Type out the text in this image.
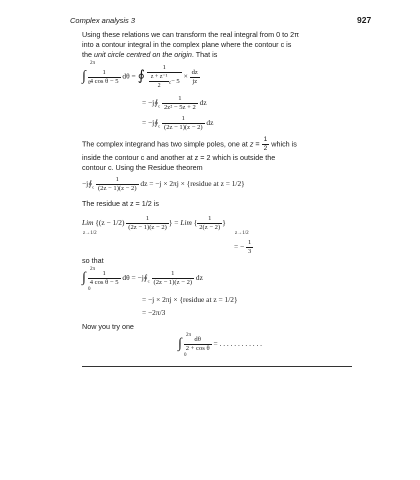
Complex analysis 3	927
Using these relations we can transform the real integral from 0 to 2π
into a contour integral in the complex plane where the contour c is
the unit circle centred on the origin. That is
∫ $\frac{1}{\text{4 cos θ − 5}}$ dθ = ∮ $\frac{1}{\frac{\text{z + z⁻¹}}{2} - 5} \times \frac{dz}{jz}$
2π
0	c
= $-j∮_c \frac{1}{\text{2z² − 5z + 2}}$ dz
= $-j∮_c \frac{1}{(2z - 1)(z - 2)}$ dz
The complex integrand has two simple poles, one at $z = \frac{1}{2}$ which is
inside the contour c and another at z = 2 which is outside the
contour c. Using the Residue theorem
$-j∮_c \frac{1}{(2z - 1)(z - 2)}$ dz = −j × 2πj × {residue at z = 1/2}
The residue at z = 1/2 is
Lim {$(z - 1/2) \frac{1}{(2z - 1)(z - 2)}$ } = Lim { $\frac{1}{2(z - 2)}$ }
z→1/2	z→1/2
= − $\frac{1}{3}$
so that
∫ $\frac{1}{\text{4 cos θ − 5}}$ $d\theta = -j∮_c \frac{1}{(2z - 1)(z - 2)}$ dz
2π
0
= −j × 2πj × {residue at z = 1/2}
= −2π/3
Now you try one
∫ $\frac{d\theta}{\text{2 + cos θ}}$ = . . . . . . . . . . . .
2π
0
